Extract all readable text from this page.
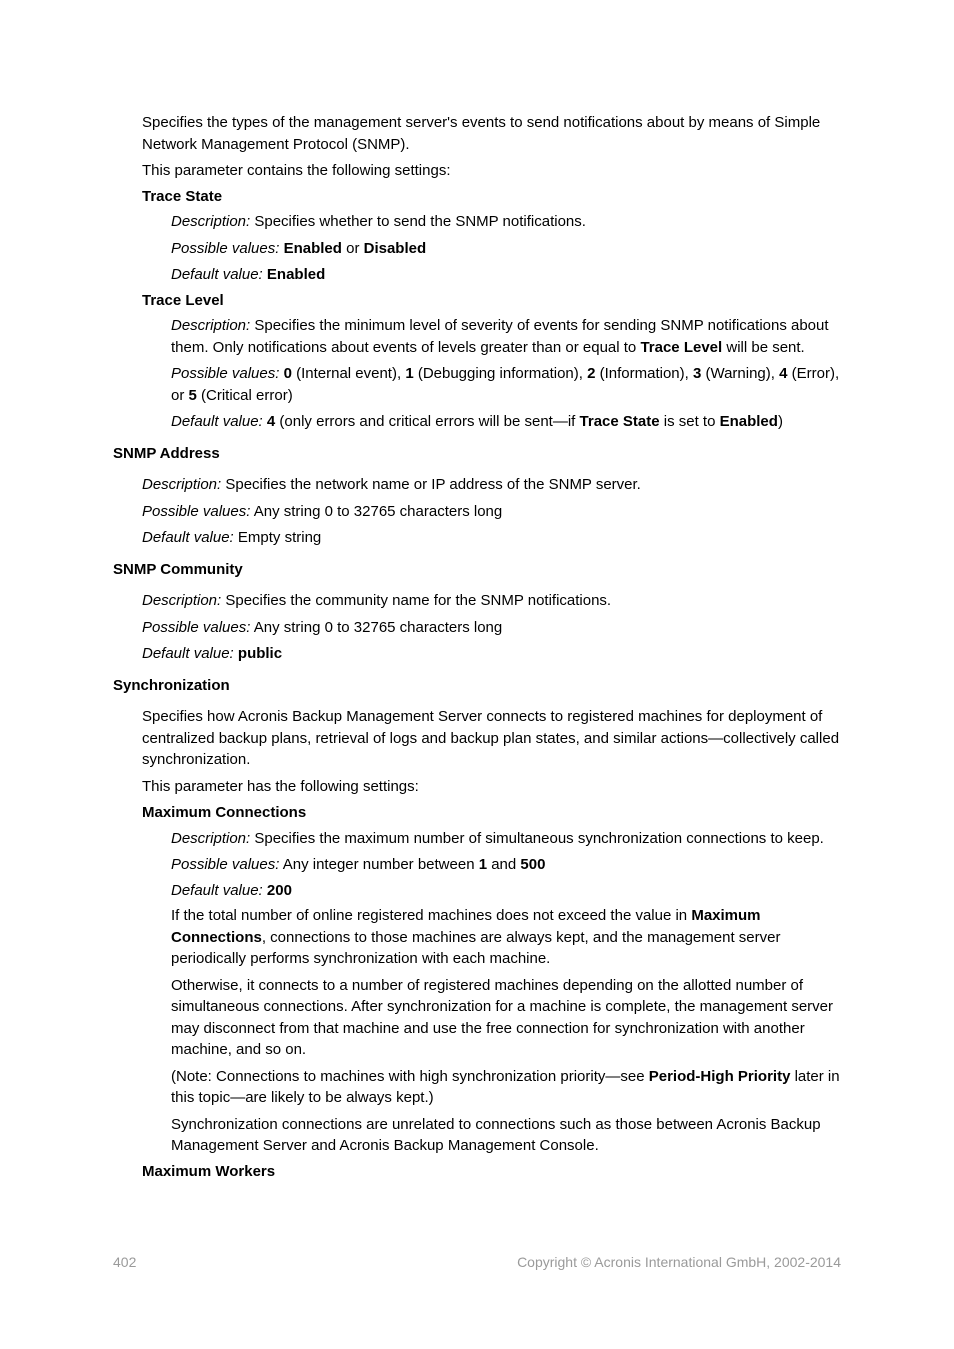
Specifies the types of the management server's events to send notifications about by means of Simple Network Management Protocol (SNMP).

This parameter contains the following settings:

Trace State

Description: Specifies whether to send the SNMP notifications.

Possible values: Enabled or Disabled

Default value: Enabled

Trace Level

Description: Specifies the minimum level of severity of events for sending SNMP notifications about them. Only notifications about events of levels greater than or equal to Trace Level will be sent.

Possible values: 0 (Internal event), 1 (Debugging information), 2 (Information), 3 (Warning), 4 (Error), or 5 (Critical error)

Default value: 4 (only errors and critical errors will be sent—if Trace State is set to Enabled)

SNMP Address

Description: Specifies the network name or IP address of the SNMP server.

Possible values: Any string 0 to 32765 characters long

Default value: Empty string

SNMP Community

Description: Specifies the community name for the SNMP notifications.

Possible values: Any string 0 to 32765 characters long

Default value: public

Synchronization

Specifies how Acronis Backup Management Server connects to registered machines for deployment of centralized backup plans, retrieval of logs and backup plan states, and similar actions—collectively called synchronization.

This parameter has the following settings:

Maximum Connections

Description: Specifies the maximum number of simultaneous synchronization connections to keep.

Possible values: Any integer number between 1 and 500

Default value: 200

If the total number of online registered machines does not exceed the value in Maximum Connections, connections to those machines are always kept, and the management server periodically performs synchronization with each machine.

Otherwise, it connects to a number of registered machines depending on the allotted number of simultaneous connections. After synchronization for a machine is complete, the management server may disconnect from that machine and use the free connection for synchronization with another machine, and so on.

(Note: Connections to machines with high synchronization priority—see Period-High Priority later in this topic—are likely to be always kept.)

Synchronization connections are unrelated to connections such as those between Acronis Backup Management Server and Acronis Backup Management Console.

Maximum Workers

402	Copyright © Acronis International GmbH, 2002-2014
